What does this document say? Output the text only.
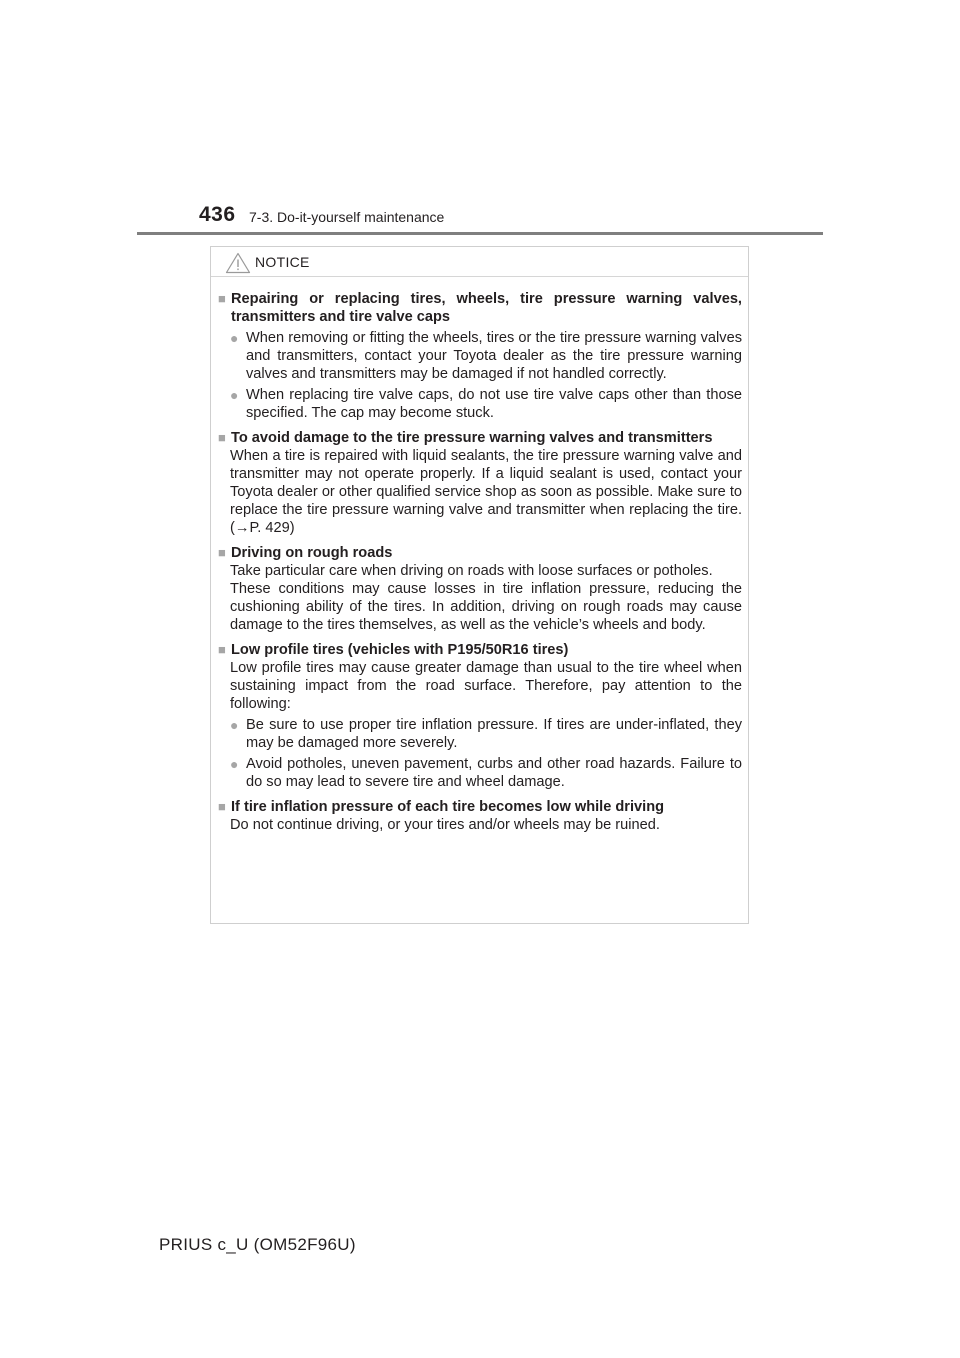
436 7-3. Do-it-yourself maintenance
NOTICE
■ Repairing or replacing tires, wheels, tire pressure warning valves, transmitters and tire valve caps
● When removing or fitting the wheels, tires or the tire pressure warning valves and transmitters, contact your Toyota dealer as the tire pressure warning valves and transmitters may be damaged if not handled correctly.
● When replacing tire valve caps, do not use tire valve caps other than those specified. The cap may become stuck.
■ To avoid damage to the tire pressure warning valves and transmitters
When a tire is repaired with liquid sealants, the tire pressure warning valve and transmitter may not operate properly. If a liquid sealant is used, contact your Toyota dealer or other qualified service shop as soon as possible. Make sure to replace the tire pressure warning valve and transmitter when replacing the tire. (→P. 429)
■ Driving on rough roads
Take particular care when driving on roads with loose surfaces or potholes.
These conditions may cause losses in tire inflation pressure, reducing the cushioning ability of the tires. In addition, driving on rough roads may cause damage to the tires themselves, as well as the vehicle’s wheels and body.
■ Low profile tires (vehicles with P195/50R16 tires)
Low profile tires may cause greater damage than usual to the tire wheel when sustaining impact from the road surface. Therefore, pay attention to the following:
● Be sure to use proper tire inflation pressure. If tires are under-inflated, they may be damaged more severely.
● Avoid potholes, uneven pavement, curbs and other road hazards. Failure to do so may lead to severe tire and wheel damage.
■ If tire inflation pressure of each tire becomes low while driving
Do not continue driving, or your tires and/or wheels may be ruined.
PRIUS c_U (OM52F96U)
